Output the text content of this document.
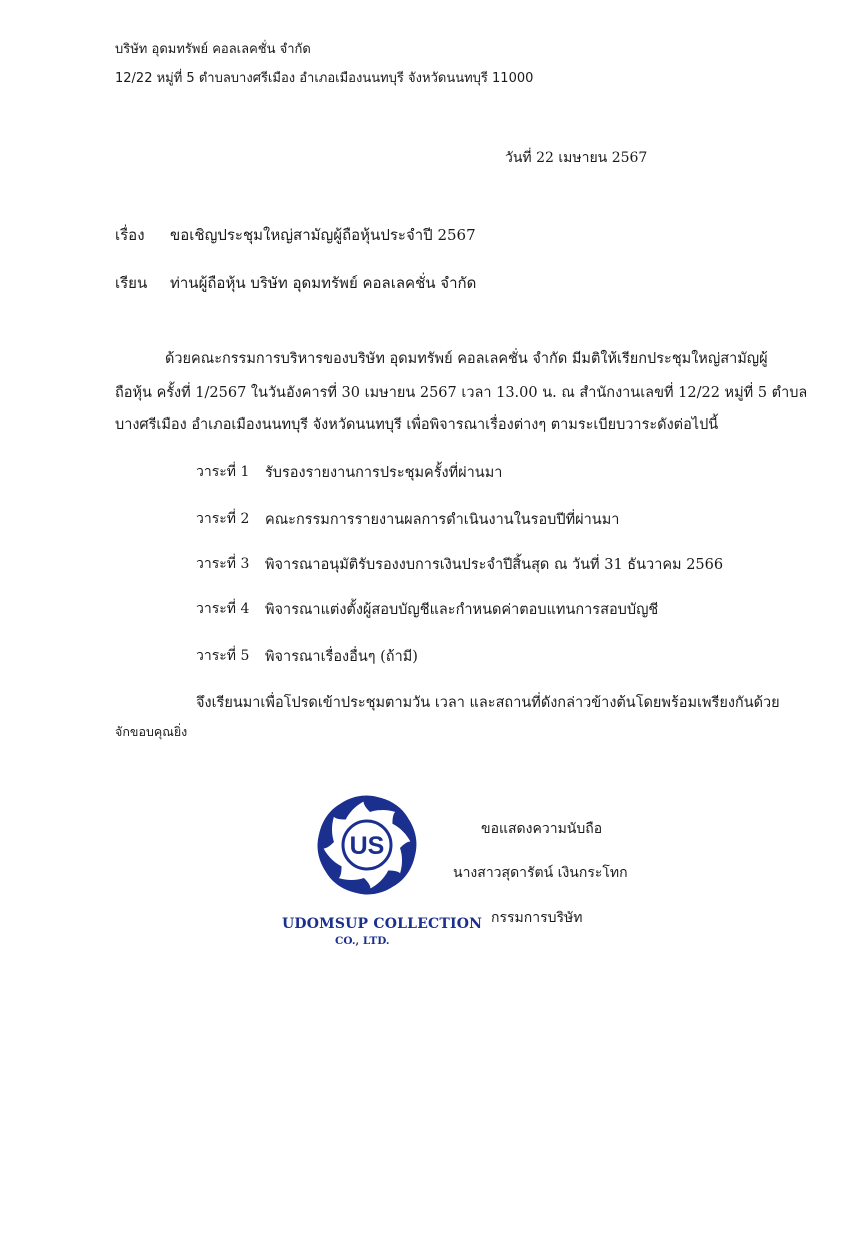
บริษัท อุดมทรัพย์ คอลเลคชั่น จำกัด
12/22 หมู่ที่ 5 ตำบลบางศรีเมือง อำเภอเมืองนนทบุรี จังหวัดนนทบุรี 11000
วันที่ 22 เมษายน 2567
เรื่อง ขอเชิญประชุมใหญ่สามัญผู้ถือหุ้นประจำปี 2567
เรียน ท่านผู้ถือหุ้น บริษัท อุดมทรัพย์ คอลเลคชั่น จำกัด
ด้วยคณะกรรมการบริหารของบริษัท อุดมทรัพย์ คอลเลคชั่น จำกัด มีมติให้เรียกประชุมใหญ่สามัญผู้
ถือหุ้น ครั้งที่ 1/2567 ในวันอังคารที่ 30 เมษายน 2567 เวลา 13.00 น. ณ สำนักงานเลขที่ 12/22 หมู่ที่ 5 ตำบล
บางศรีเมือง อำเภอเมืองนนทบุรี จังหวัดนนทบุรี เพื่อพิจารณาเรื่องต่างๆ ตามระเบียบวาระดังต่อไปนี้
วาระที่ 1 รับรองรายงานการประชุมครั้งที่ผ่านมา
วาระที่ 2 คณะกรรมการรายงานผลการดำเนินงานในรอบปีที่ผ่านมา
วาระที่ 3 พิจารณาอนุมัติรับรองงบการเงินประจำปีสิ้นสุด ณ วันที่ 31 ธันวาคม 2566
วาระที่ 4 พิจารณาแต่งตั้งผู้สอบบัญชีและกำหนดค่าตอบแทนการสอบบัญชี
วาระที่ 5 พิจารณาเรื่องอื่นๆ (ถ้ามี)
จึงเรียนมาเพื่อโปรดเข้าประชุมตามวัน เวลา และสถานที่ดังกล่าวข้างต้นโดยพร้อมเพรียงกันด้วย
จักขอบคุณยิ่ง
US
UDOMSUP COLLECTION
CO., LTD.
ขอแสดงความนับถือ
นางสาวสุดารัตน์ เงินกระโทก
กรรมการบริษัท
